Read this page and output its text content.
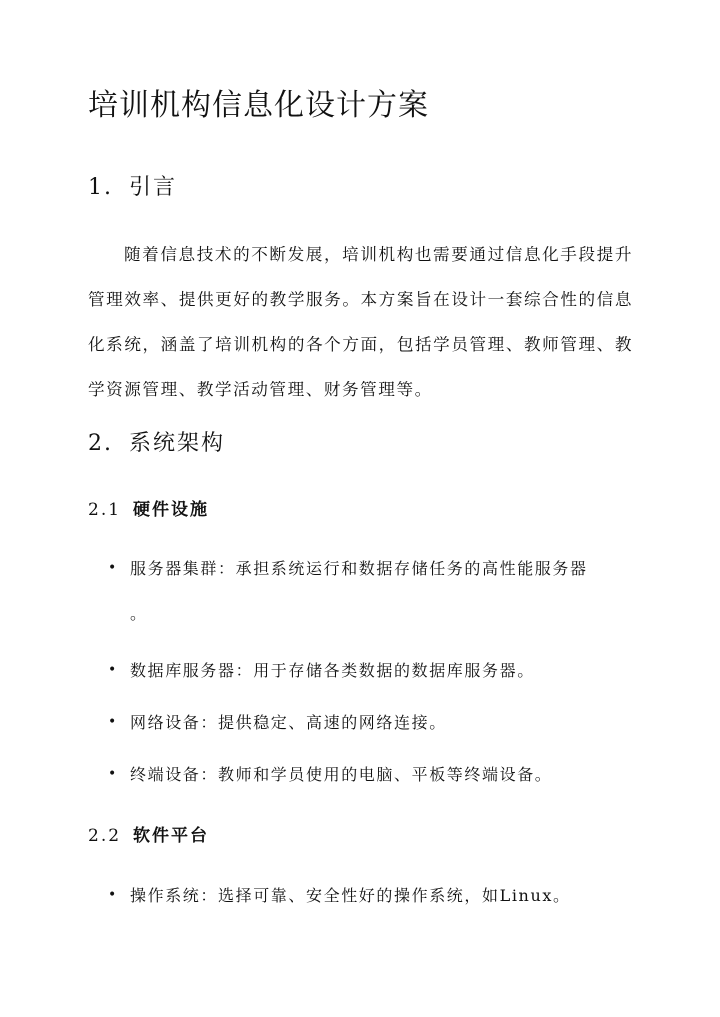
培训机构信息化设计方案
1. 引言

随着信息技术的不断发展，培训机构也需要通过信息化手段提升管理效率、提供更好的教学服务。本方案旨在设计一套综合性的信息化系统，涵盖了培训机构的各个方面，包括学员管理、教师管理、教学资源管理、教学活动管理、财务管理等。

2. 系统架构
2.1 硬件设施
• 服务器集群：承担系统运行和数据存储任务的高性能服务器
。
• 数据库服务器：用于存储各类数据的数据库服务器。
• 网络设备：提供稳定、高速的网络连接。
• 终端设备：教师和学员使用的电脑、平板等终端设备。
2.2 软件平台
• 操作系统：选择可靠、安全性好的操作系统，如Linux。
